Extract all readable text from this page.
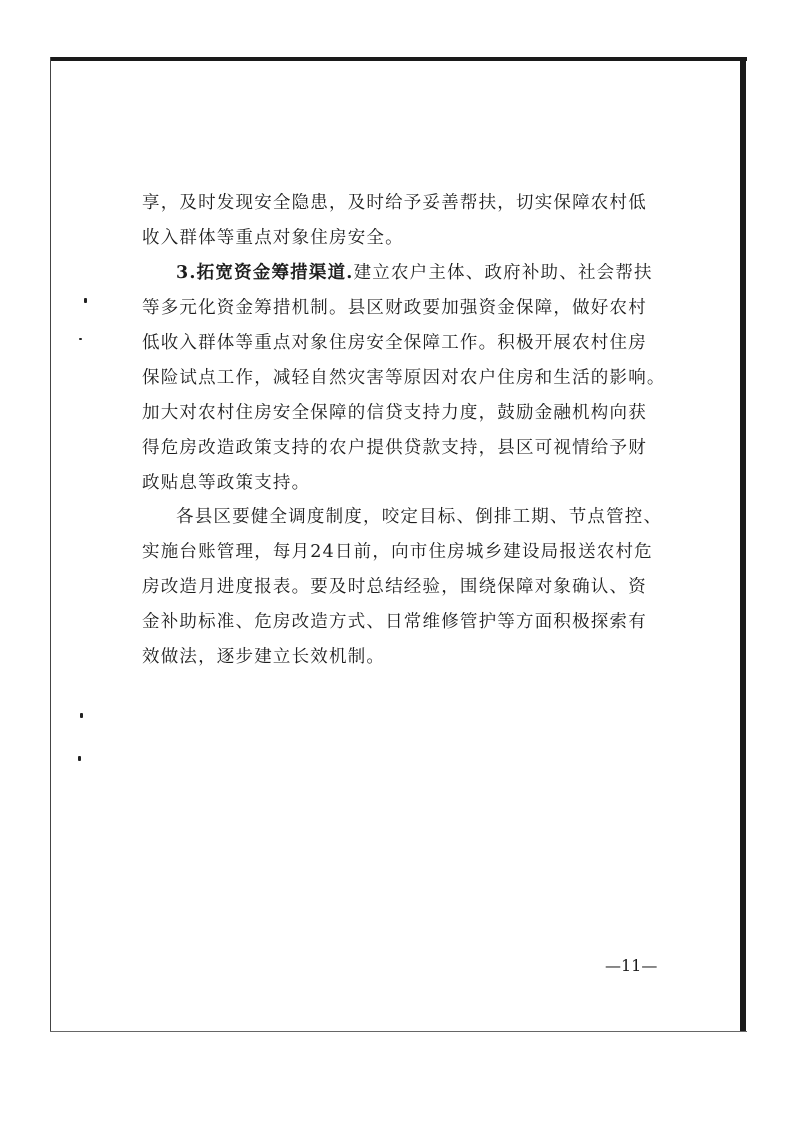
享，及时发现安全隐患，及时给予妥善帮扶，切实保障农村低
收入群体等重点对象住房安全。
3.拓宽资金筹措渠道.建立农户主体、政府补助、社会帮扶
等多元化资金筹措机制。县区财政要加强资金保障，做好农村
低收入群体等重点对象住房安全保障工作。积极开展农村住房
保险试点工作，减轻自然灾害等原因对农户住房和生活的影响。
加大对农村住房安全保障的信贷支持力度，鼓励金融机构向获
得危房改造政策支持的农户提供贷款支持，县区可视情给予财
政贴息等政策支持。
各县区要健全调度制度，咬定目标、倒排工期、节点管控、
实施台账管理，每月24日前，向市住房城乡建设局报送农村危
房改造月进度报表。要及时总结经验，围绕保障对象确认、资
金补助标准、危房改造方式、日常维修管护等方面积极探索有
效做法，逐步建立长效机制。
—11—
